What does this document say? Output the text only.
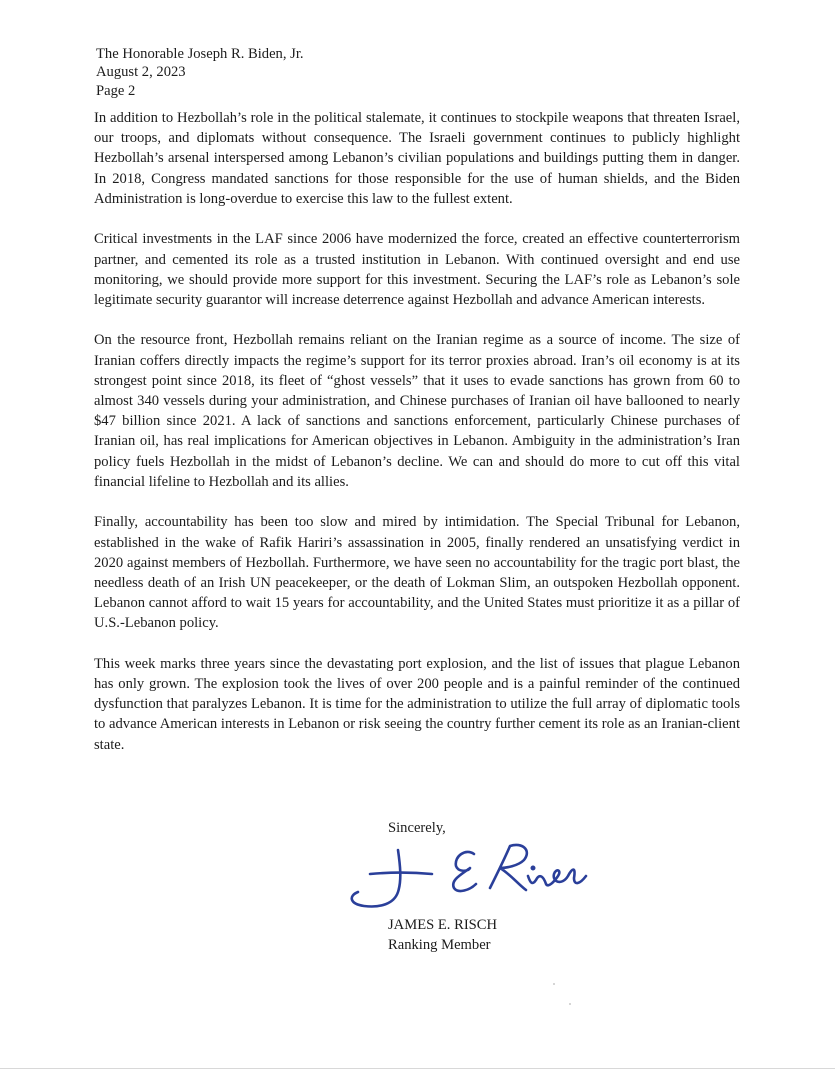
The Honorable Joseph R. Biden, Jr.
August 2, 2023
Page 2

In addition to Hezbollah’s role in the political stalemate, it continues to stockpile weapons that threaten Israel, our troops, and diplomats without consequence. The Israeli government continues to publicly highlight Hezbollah’s arsenal interspersed among Lebanon’s civilian populations and buildings putting them in danger. In 2018, Congress mandated sanctions for those responsible for the use of human shields, and the Biden Administration is long-overdue to exercise this law to the fullest extent.

Critical investments in the LAF since 2006 have modernized the force, created an effective counterterrorism partner, and cemented its role as a trusted institution in Lebanon. With continued oversight and end use monitoring, we should provide more support for this investment. Securing the LAF’s role as Lebanon’s sole legitimate security guarantor will increase deterrence against Hezbollah and advance American interests.

On the resource front, Hezbollah remains reliant on the Iranian regime as a source of income. The size of Iranian coffers directly impacts the regime’s support for its terror proxies abroad. Iran’s oil economy is at its strongest point since 2018, its fleet of “ghost vessels” that it uses to evade sanctions has grown from 60 to almost 340 vessels during your administration, and Chinese purchases of Iranian oil have ballooned to nearly $47 billion since 2021. A lack of sanctions and sanctions enforcement, particularly Chinese purchases of Iranian oil, has real implications for American objectives in Lebanon. Ambiguity in the administration’s Iran policy fuels Hezbollah in the midst of Lebanon’s decline. We can and should do more to cut off this vital financial lifeline to Hezbollah and its allies.

Finally, accountability has been too slow and mired by intimidation. The Special Tribunal for Lebanon, established in the wake of Rafik Hariri’s assassination in 2005, finally rendered an unsatisfying verdict in 2020 against members of Hezbollah. Furthermore, we have seen no accountability for the tragic port blast, the needless death of an Irish UN peacekeeper, or the death of Lokman Slim, an outspoken Hezbollah opponent. Lebanon cannot afford to wait 15 years for accountability, and the United States must prioritize it as a pillar of U.S.-Lebanon policy.

This week marks three years since the devastating port explosion, and the list of issues that plague Lebanon has only grown. The explosion took the lives of over 200 people and is a painful reminder of the continued dysfunction that paralyzes Lebanon. It is time for the administration to utilize the full array of diplomatic tools to advance American interests in Lebanon or risk seeing the country further cement its role as an Iranian-client state.

Sincerely,
JAMES E. RISCH
Ranking Member
